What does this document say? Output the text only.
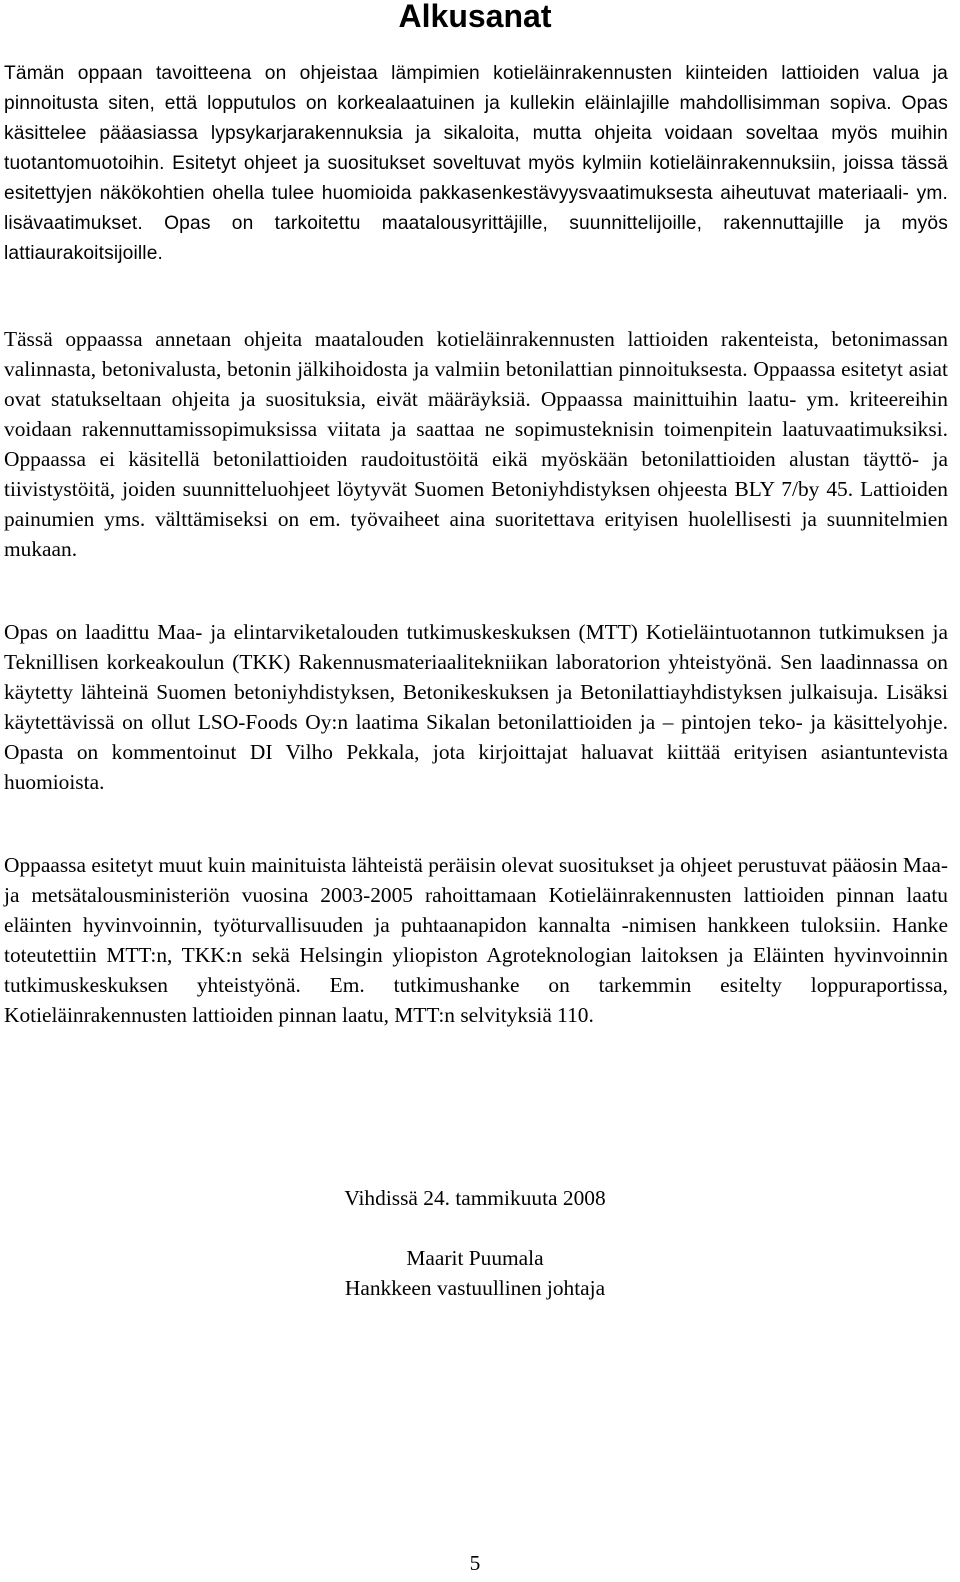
Alkusanat

Tämän oppaan tavoitteena on ohjeistaa lämpimien kotieläinrakennusten kiinteiden lattioiden valua ja pinnoitusta siten, että lopputulos on korkealaatuinen ja kullekin eläinlajille mahdollisimman sopiva. Opas käsittelee pääasiassa lypsykarjarakennuksia ja sikaloita, mutta ohjeita voidaan soveltaa myös muihin tuotantomuotoihin. Esitetyt ohjeet ja suositukset soveltuvat myös kylmiin kotieläinrakennuksiin, joissa tässä esitettyjen näkökohtien ohella tulee huomioida pakkasenkestävyysvaatimuksesta aiheutuvat materiaali- ym. lisävaatimukset. Opas on tarkoitettu maatalousyrittäjille, suunnittelijoille, rakennuttajille ja myös lattiaurakoitsijoille.

Tässä oppaassa annetaan ohjeita maatalouden kotieläinrakennusten lattioiden rakenteista, betonimassan valinnasta, betonivalusta, betonin jälkihoidosta ja valmiin betonilattian pinnoituksesta. Oppaassa esitetyt asiat ovat statukseltaan ohjeita ja suosituksia, eivät määräyksiä. Oppaassa mainittuihin laatu- ym. kriteereihin voidaan rakennuttamissopimuksissa viitata ja saattaa ne sopimusteknisin toimenpitein laatuvaatimuksiksi. Oppaassa ei käsitellä betonilattioiden raudoitustöitä eikä myöskään betonilattioiden alustan täyttö- ja tiivistystöitä, joiden suunnitteluohjeet löytyvät Suomen Betoniyhdistyksen ohjeesta BLY 7/by 45. Lattioiden painumien yms. välttämiseksi on em. työvaiheet aina suoritettava erityisen huolellisesti ja suunnitelmien mukaan.

Opas on laadittu Maa- ja elintarviketalouden tutkimuskeskuksen (MTT) Kotieläintuotannon tutkimuksen ja Teknillisen korkeakoulun (TKK) Rakennusmateriaalitekniikan laboratorion yhteistyönä. Sen laadinnassa on käytetty lähteinä Suomen betoniyhdistyksen, Betonikeskuksen ja Betonilattiayhdistyksen julkaisuja. Lisäksi käytettävissä on ollut LSO-Foods Oy:n laatima Sikalan betonilattioiden ja – pintojen teko- ja käsittelyohje. Opasta on kommentoinut DI Vilho Pekkala, jota kirjoittajat haluavat kiittää erityisen asiantuntevista huomioista.

Oppaassa esitetyt muut kuin mainituista lähteistä peräisin olevat suositukset ja ohjeet perustuvat pääosin Maa- ja metsätalousministeriön vuosina 2003-2005 rahoittamaan Kotieläinrakennusten lattioiden pinnan laatu eläinten hyvinvoinnin, työturvallisuuden ja puhtaanapidon kannalta -nimisen hankkeen tuloksiin. Hanke toteutettiin MTT:n, TKK:n sekä Helsingin yliopiston Agroteknologian laitoksen ja Eläinten hyvinvoinnin tutkimuskeskuksen yhteistyönä. Em. tutkimushanke on tarkemmin esitelty loppuraportissa, Kotieläinrakennusten lattioiden pinnan laatu, MTT:n selvityksiä 110.

Vihdissä 24. tammikuuta 2008

Maarit Puumala

Hankkeen vastuullinen johtaja

5
